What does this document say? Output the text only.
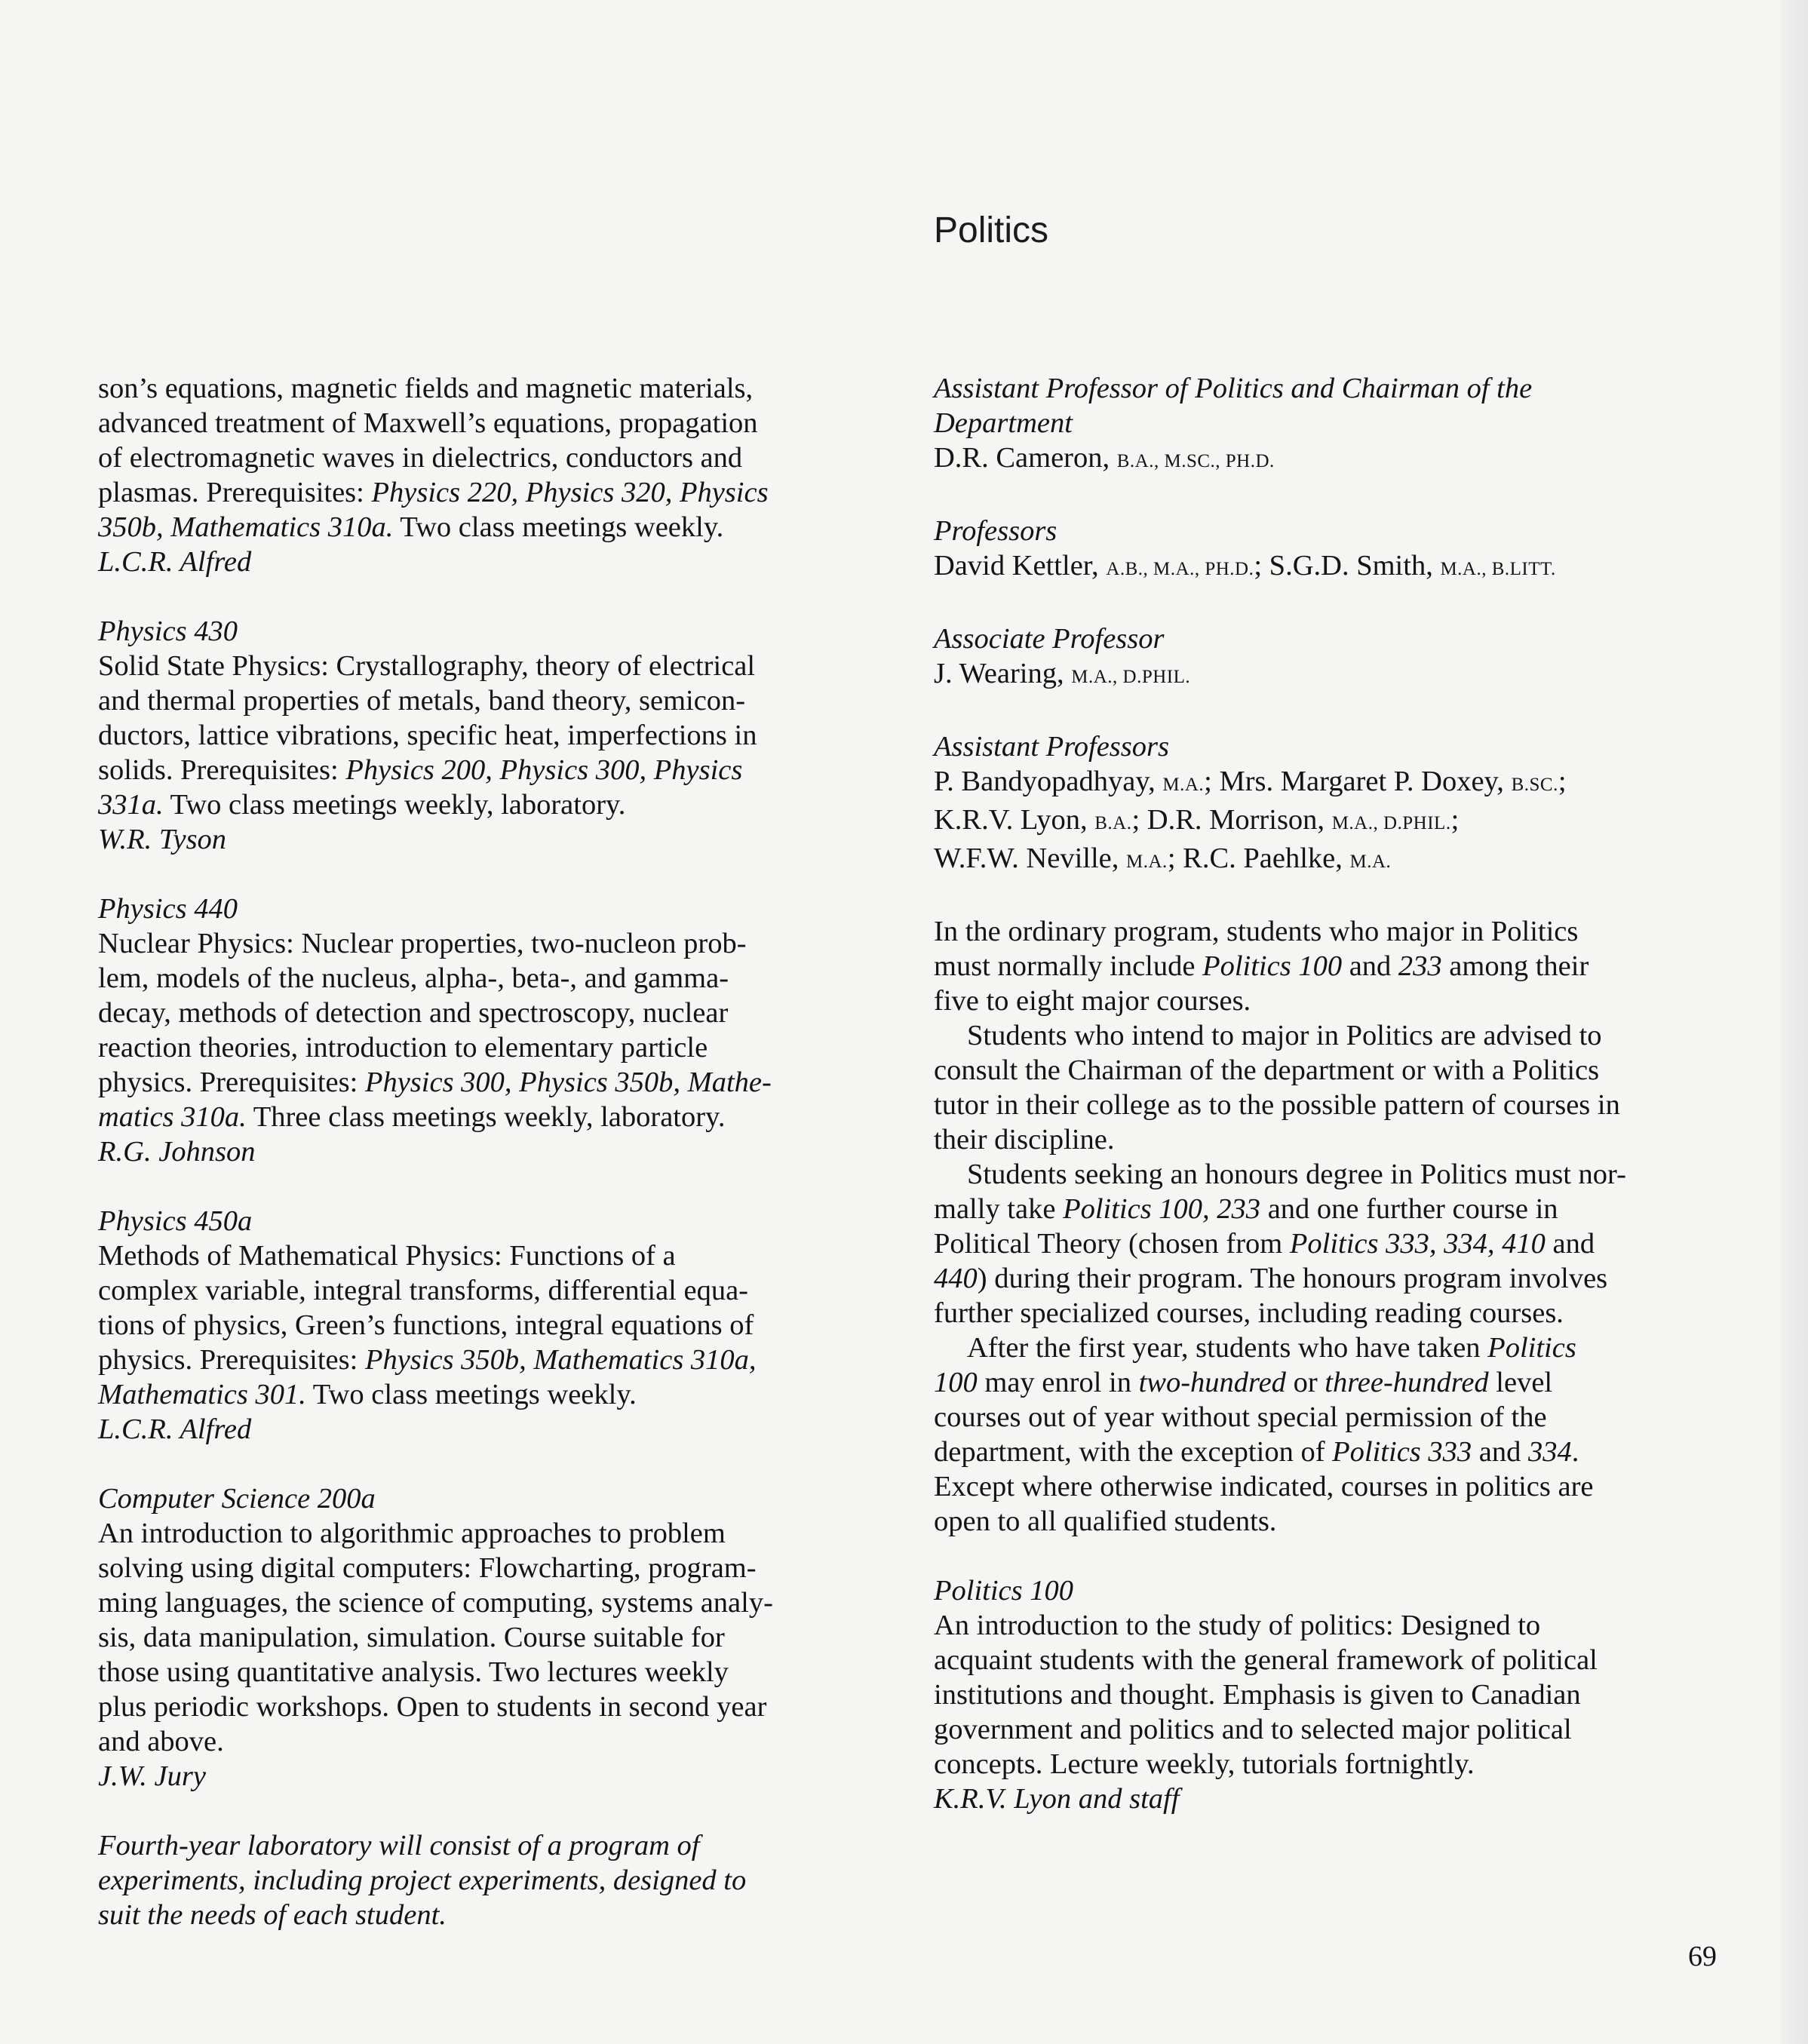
Politics
son’s equations, magnetic fields and magnetic materials,
advanced treatment of Maxwell’s equations, propagation
of electromagnetic waves in dielectrics, conductors and
plasmas. Prerequisites: Physics 220, Physics 320, Physics
350b, Mathematics 310a. Two class meetings weekly.
L.C.R. Alfred
Physics 430
Solid State Physics: Crystallography, theory of electrical
and thermal properties of metals, band theory, semicon-
ductors, lattice vibrations, specific heat, imperfections in
solids. Prerequisites: Physics 200, Physics 300, Physics
331a. Two class meetings weekly, laboratory.
W.R. Tyson
Physics 440
Nuclear Physics: Nuclear properties, two-nucleon prob-
lem, models of the nucleus, alpha-, beta-, and gamma-
decay, methods of detection and spectroscopy, nuclear
reaction theories, introduction to elementary particle
physics. Prerequisites: Physics 300, Physics 350b, Mathe-
matics 310a. Three class meetings weekly, laboratory.
R.G. Johnson
Physics 450a
Methods of Mathematical Physics: Functions of a
complex variable, integral transforms, differential equa-
tions of physics, Green’s functions, integral equations of
physics. Prerequisites: Physics 350b, Mathematics 310a,
Mathematics 301. Two class meetings weekly.
L.C.R. Alfred
Computer Science 200a
An introduction to algorithmic approaches to problem
solving using digital computers: Flowcharting, program-
ming languages, the science of computing, systems analy-
sis, data manipulation, simulation. Course suitable for
those using quantitative analysis. Two lectures weekly
plus periodic workshops. Open to students in second year
and above.
J.W. Jury
Fourth-year laboratory will consist of a program of
experiments, including project experiments, designed to
suit the needs of each student.
Assistant Professor of Politics and Chairman of the
Department
D.R. Cameron, B.A., M.SC., PH.D.
Professors
David Kettler, A.B., M.A., PH.D.; S.G.D. Smith, M.A., B.LITT.
Associate Professor
J. Wearing, M.A., D.PHIL.
Assistant Professors
P. Bandyopadhyay, M.A.; Mrs. Margaret P. Doxey, B.SC.;
K.R.V. Lyon, B.A.; D.R. Morrison, M.A., D.PHIL.;
W.F.W. Neville, M.A.; R.C. Paehlke, M.A.
In the ordinary program, students who major in Politics
must normally include Politics 100 and 233 among their
five to eight major courses.
Students who intend to major in Politics are advised to
consult the Chairman of the department or with a Politics
tutor in their college as to the possible pattern of courses in
their discipline.
Students seeking an honours degree in Politics must nor-
mally take Politics 100, 233 and one further course in
Political Theory (chosen from Politics 333, 334, 410 and
440) during their program. The honours program involves
further specialized courses, including reading courses.
After the first year, students who have taken Politics
100 may enrol in two-hundred or three-hundred level
courses out of year without special permission of the
department, with the exception of Politics 333 and 334.
Except where otherwise indicated, courses in politics are
open to all qualified students.
Politics 100
An introduction to the study of politics: Designed to
acquaint students with the general framework of political
institutions and thought. Emphasis is given to Canadian
government and politics and to selected major political
concepts. Lecture weekly, tutorials fortnightly.
K.R.V. Lyon and staff
69
